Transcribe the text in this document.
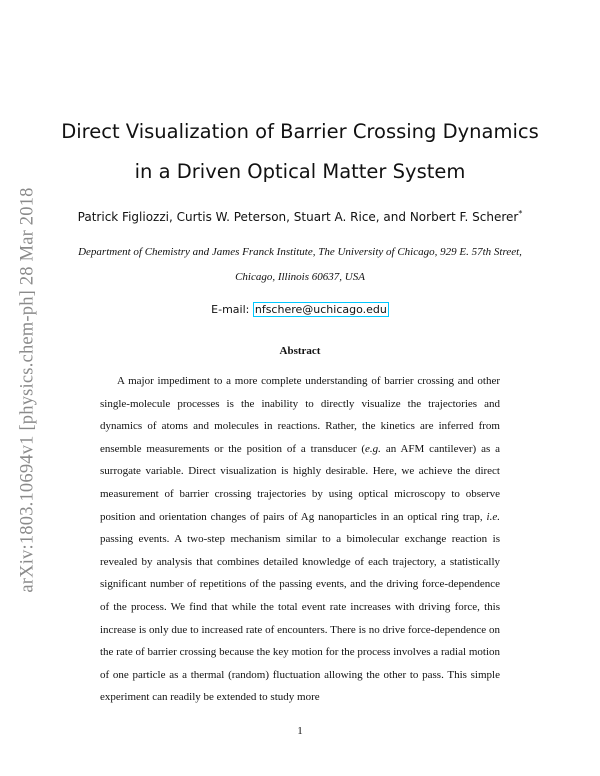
arXiv:1803.10694v1 [physics.chem-ph] 28 Mar 2018
Direct Visualization of Barrier Crossing Dynamics in a Driven Optical Matter System
Patrick Figliozzi, Curtis W. Peterson, Stuart A. Rice, and Norbert F. Scherer*
Department of Chemistry and James Franck Institute, The University of Chicago, 929 E. 57th Street, Chicago, Illinois 60637, USA
E-mail: nfschere@uchicago.edu
Abstract

A major impediment to a more complete understanding of barrier crossing and other single-molecule processes is the inability to directly visualize the trajectories and dynamics of atoms and molecules in reactions. Rather, the kinetics are inferred from ensemble measurements or the position of a transducer (e.g. an AFM cantilever) as a surrogate variable. Direct visualization is highly desirable. Here, we achieve the direct measurement of barrier crossing trajectories by using optical microscopy to observe position and orientation changes of pairs of Ag nanoparticles in an optical ring trap, i.e. passing events. A two-step mechanism similar to a bimolecular exchange reaction is revealed by analysis that combines detailed knowledge of each trajectory, a statistically significant number of repetitions of the passing events, and the driving force-dependence of the process. We find that while the total event rate increases with driving force, this increase is only due to increased rate of encounters. There is no drive force-dependence on the rate of barrier crossing because the key motion for the process involves a radial motion of one particle as a thermal (random) fluctuation allowing the other to pass. This simple experiment can readily be extended to study more

1
